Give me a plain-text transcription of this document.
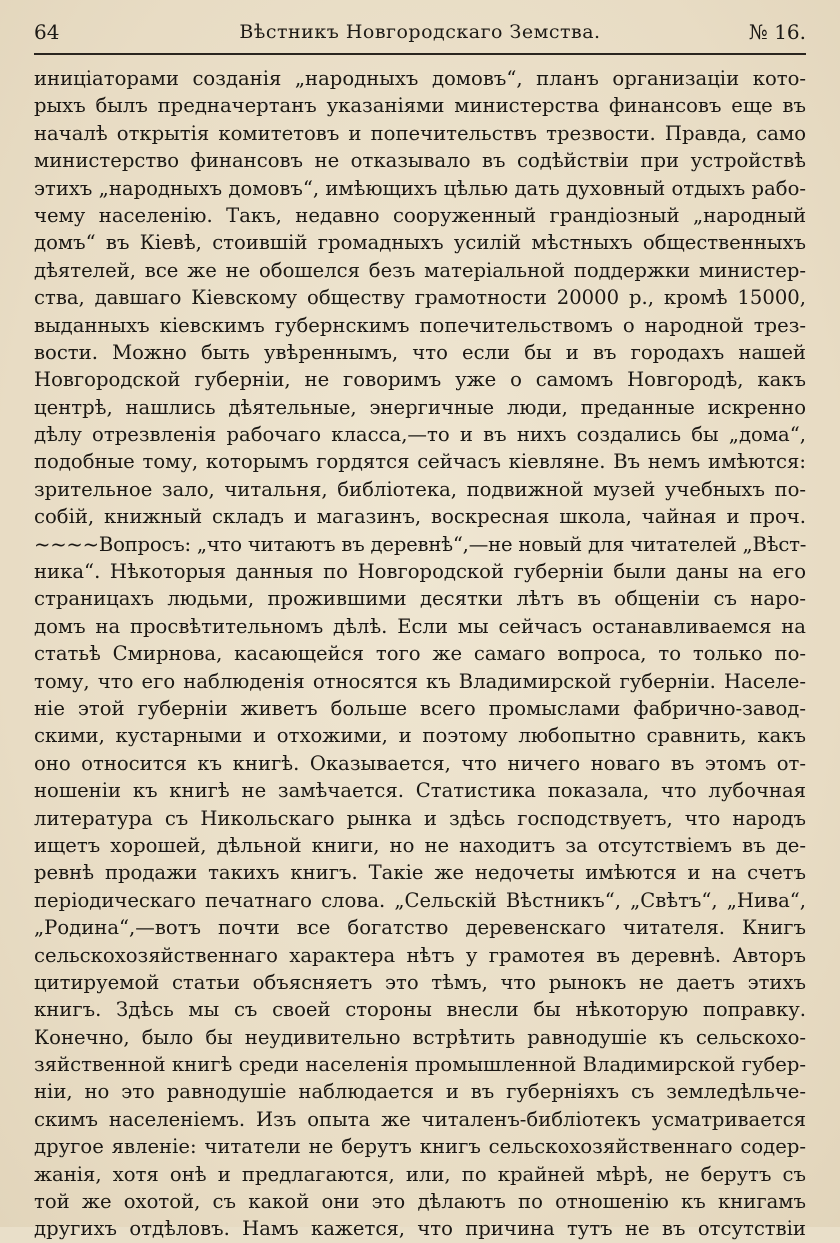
64	Вѣстникъ Новгородскаго Земства.	№ 16.
иниціаторами созданія „народныхъ домовъ“, планъ организаціи кото-
рыхъ былъ предначертанъ указаніями министерства финансовъ еще въ
началѣ открытія комитетовъ и попечительствъ трезвости. Правда, само
министерство финансовъ не отказывало въ содѣйствіи при устройствѣ
этихъ „народныхъ домовъ“, имѣющихъ цѣлью дать духовный отдыхъ рабо-
чему населенію. Такъ, недавно сооруженный грандіозный „народный
домъ“ въ Кіевѣ, стоившій громадныхъ усилій мѣстныхъ общественныхъ
дѣятелей, все же не обошелся безъ матеріальной поддержки министер-
ства, давшаго Кіевскому обществу грамотности 20000 р., кромѣ 15000,
выданныхъ кіевскимъ губернскимъ попечительствомъ о народной трез-
вости. Можно быть увѣреннымъ, что если бы и въ городахъ нашей
Новгородской губерніи, не говоримъ уже о самомъ Новгородѣ, какъ
центрѣ, нашлись дѣятельные, энергичные люди, преданные искренно
дѣлу отрезвленія рабочаго класса,—то и въ нихъ создались бы „дома“,
подобные тому, которымъ гордятся сейчасъ кіевляне. Въ немъ имѣются:
зрительное зало, читальня, библіотека, подвижной музей учебныхъ по-
собій, книжный складъ и магазинъ, воскресная школа, чайная и проч.
~~~~Вопросъ: „что читаютъ въ деревнѣ“,—не новый для читателей „Вѣст-
ника“. Нѣкоторыя данныя по Новгородской губерніи были даны на его
страницахъ людьми, прожившими десятки лѣтъ въ общеніи съ наро-
домъ на просвѣтительномъ дѣлѣ. Если мы сейчасъ останавливаемся на
статьѣ Смирнова, касающейся того же самаго вопроса, то только по-
тому, что его наблюденія относятся къ Владимирской губерніи. Населе-
ніе этой губерніи живетъ больше всего промыслами фабрично-завод-
скими, кустарными и отхожими, и поэтому любопытно сравнить, какъ
оно относится къ книгѣ. Оказывается, что ничего новаго въ этомъ от-
ношеніи къ книгѣ не замѣчается. Статистика показала, что лубочная
литература съ Никольскаго рынка и здѣсь господствуетъ, что народъ
ищетъ хорошей, дѣльной книги, но не находитъ за отсутствіемъ въ де-
ревнѣ продажи такихъ книгъ. Такіе же недочеты имѣются и на счетъ
періодическаго печатнаго слова. „Сельскій Вѣстникъ“, „Свѣтъ“, „Нива“,
„Родина“,—вотъ почти все богатство деревенскаго читателя. Книгъ
сельскохозяйственнаго характера нѣтъ у грамотея въ деревнѣ. Авторъ
цитируемой статьи объясняетъ это тѣмъ, что рынокъ не даетъ этихъ
книгъ. Здѣсь мы съ своей стороны внесли бы нѣкоторую поправку.
Конечно, было бы неудивительно встрѣтить равнодушіе къ сельскохо-
зяйственной книгѣ среди населенія промышленной Владимирской губер-
ніи, но это равнодушіе наблюдается и въ губерніяхъ съ земледѣльче-
скимъ населеніемъ. Изъ опыта же читаленъ-библіотекъ усматривается
другое явленіе: читатели не берутъ книгъ сельскохозяйственнаго содер-
жанія, хотя онѣ и предлагаются, или, по крайней мѣрѣ, не берутъ съ
той же охотой, съ какой они это дѣлаютъ по отношенію къ книгамъ
другихъ отдѣловъ. Намъ кажется, что причина тутъ не въ отсутствіи
